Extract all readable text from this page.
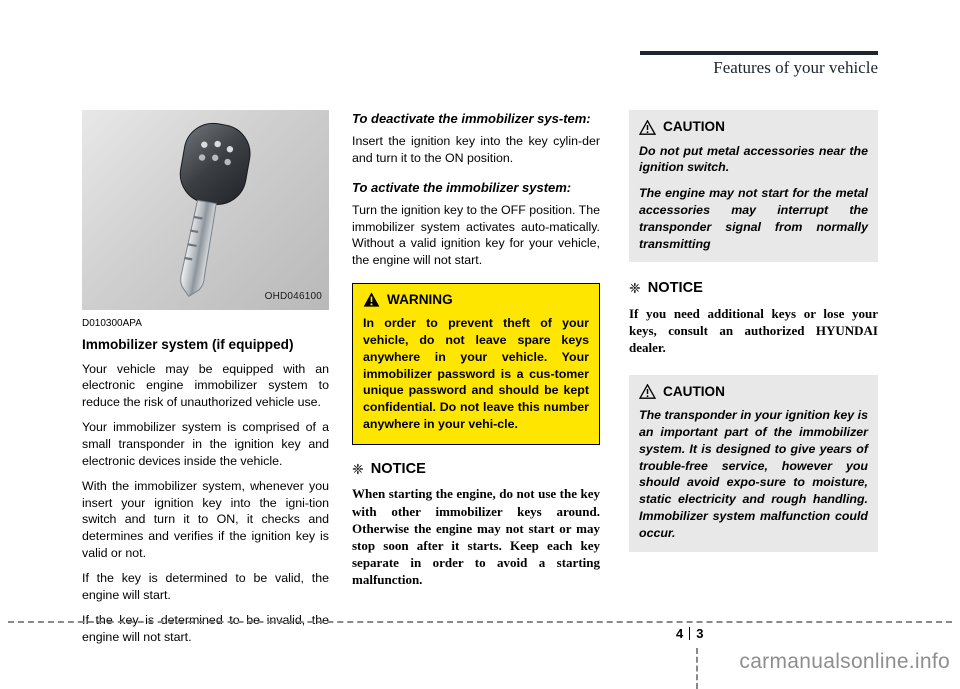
Features of your vehicle
OHD046100
D010300APA
Immobilizer system (if equipped)

Your vehicle may be equipped with an electronic engine immobilizer system to reduce the risk of unauthorized vehicle use.

Your immobilizer system is comprised of a small transponder in the ignition key and electronic devices inside the vehicle.

With the immobilizer system, whenever you insert your ignition key into the igni-tion switch and turn it to ON, it checks and determines and verifies if the ignition key is valid or not.

If the key is determined to be valid, the engine will start.

If the key is determined to be invalid, the engine will not start.

To deactivate the immobilizer sys-tem:

Insert the ignition key into the key cylin-der and turn it to the ON position.

To activate the immobilizer system:

Turn the ignition key to the OFF position. The immobilizer system activates auto-matically. Without a valid ignition key for your vehicle, the engine will not start.

WARNING

In order to prevent theft of your vehicle, do not leave spare keys anywhere in your vehicle. Your immobilizer password is a cus-tomer unique password and should be kept confidential. Do not leave this number anywhere in your vehi-cle.

❈ NOTICE

When starting the engine, do not use the key with other immobilizer keys around. Otherwise the engine may not start or may stop soon after it starts. Keep each key separate in order to avoid a starting malfunction.

CAUTION

Do not put metal accessories near the ignition switch.

The engine may not start for the metal accessories may interrupt the transponder signal from normally transmitting

❈ NOTICE

If you need additional keys or lose your keys, consult an authorized HYUNDAI dealer.

CAUTION

The transponder in your ignition key is an important part of the immobilizer system. It is designed to give years of trouble-free service, however you should avoid expo-sure to moisture, static electricity and rough handling. Immobilizer system malfunction could occur.

4 3
carmanualsonline.info
